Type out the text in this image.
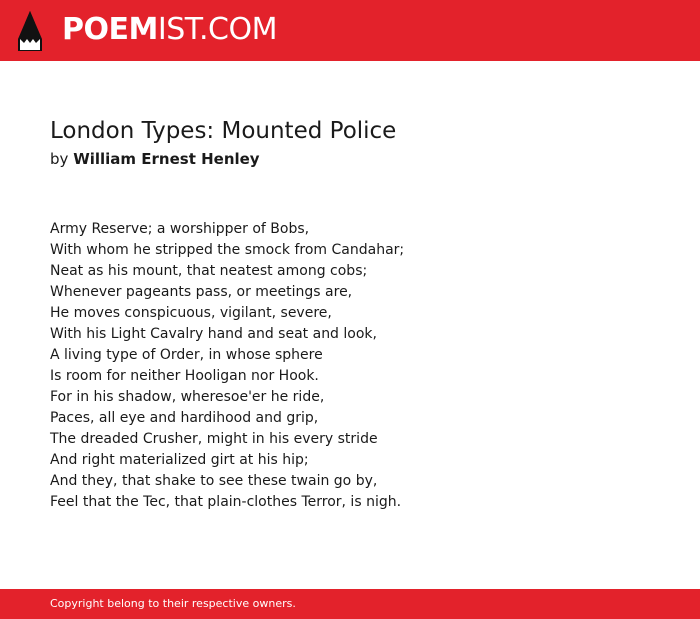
POEMIST.COM
London Types: Mounted Police
by William Ernest Henley
Army Reserve; a worshipper of Bobs,
With whom he stripped the smock from Candahar;
Neat as his mount, that neatest among cobs;
Whenever pageants pass, or meetings are,
He moves conspicuous, vigilant, severe,
With his Light Cavalry hand and seat and look,
A living type of Order, in whose sphere
Is room for neither Hooligan nor Hook.
For in his shadow, wheresoe'er he ride,
Paces, all eye and hardihood and grip,
The dreaded Crusher, might in his every stride
And right materialized girt at his hip;
And they, that shake to see these twain go by,
Feel that the Tec, that plain-clothes Terror, is nigh.
Copyright belong to their respective owners.
